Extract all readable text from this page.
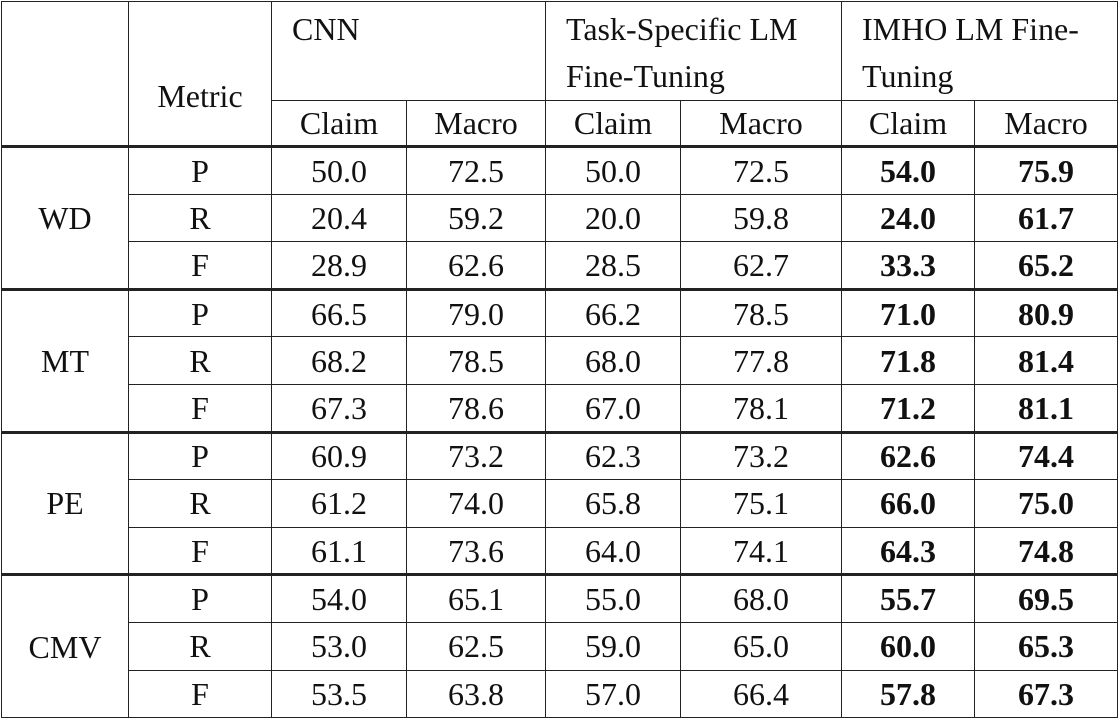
	Metric	CNN		Task-Specific LM Fine-Tuning		IMHO LM Fine-Tuning	
		Claim	Macro	Claim	Macro	Claim	Macro
WD	P	50.0	72.5	50.0	72.5	54.0	75.9
	R	20.4	59.2	20.0	59.8	24.0	61.7
	F	28.9	62.6	28.5	62.7	33.3	65.2
MT	P	66.5	79.0	66.2	78.5	71.0	80.9
	R	68.2	78.5	68.0	77.8	71.8	81.4
	F	67.3	78.6	67.0	78.1	71.2	81.1
PE	P	60.9	73.2	62.3	73.2	62.6	74.4
	R	61.2	74.0	65.8	75.1	66.0	75.0
	F	61.1	73.6	64.0	74.1	64.3	74.8
CMV	P	54.0	65.1	55.0	68.0	55.7	69.5
	R	53.0	62.5	59.0	65.0	60.0	65.3
	F	53.5	63.8	57.0	66.4	57.8	67.3
